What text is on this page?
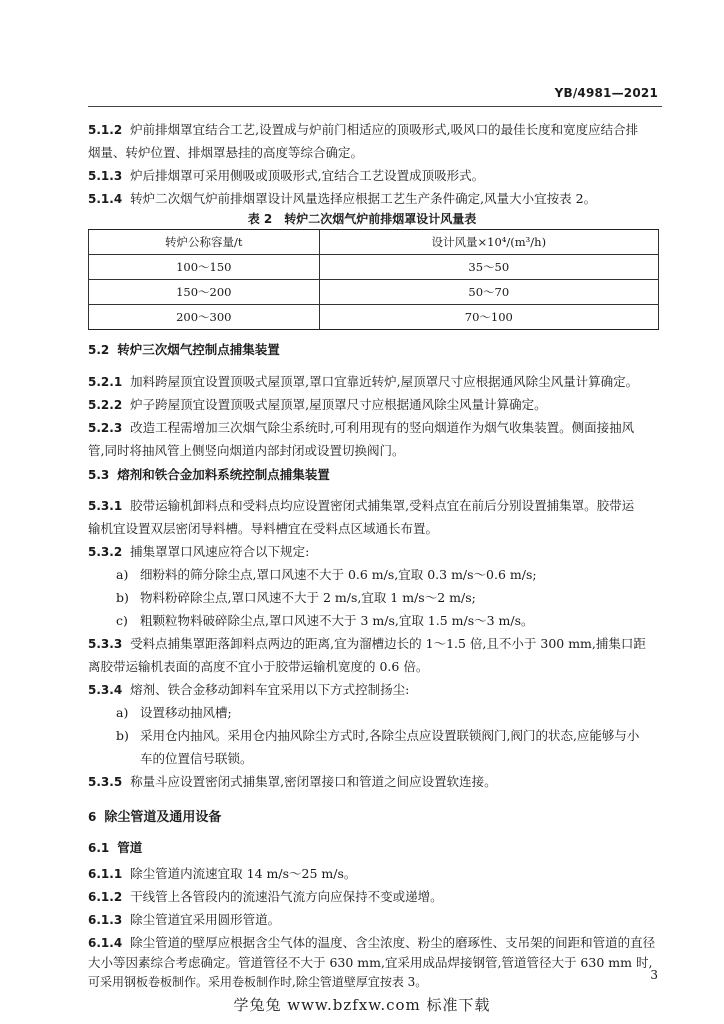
YB/4981—2021
5.1.2 炉前排烟罩宜结合工艺,设置成与炉前门相适应的顶吸形式,吸风口的最佳长度和宽度应结合排
烟量、转炉位置、排烟罩悬挂的高度等综合确定。
5.1.3 炉后排烟罩可采用侧吸或顶吸形式,宜结合工艺设置成顶吸形式。
5.1.4 转炉二次烟气炉前排烟罩设计风量选择应根据工艺生产条件确定,风量大小宜按表 2。
表 2　转炉二次烟气炉前排烟罩设计风量表
转炉公称容量/t	设计风量×10⁴/(m³/h)
100～150	35～50
150～200	50～70
200～300	70～100
5.2 转炉三次烟气控制点捕集装置
5.2.1 加料跨屋顶宜设置顶吸式屋顶罩,罩口宜靠近转炉,屋顶罩尺寸应根据通风除尘风量计算确定。
5.2.2 炉子跨屋顶宜设置顶吸式屋顶罩,屋顶罩尺寸应根据通风除尘风量计算确定。
5.2.3 改造工程需增加三次烟气除尘系统时,可利用现有的竖向烟道作为烟气收集装置。侧面接抽风
管,同时将抽风管上侧竖向烟道内部封闭或设置切换阀门。
5.3 熔剂和铁合金加料系统控制点捕集装置
5.3.1 胶带运输机卸料点和受料点均应设置密闭式捕集罩,受料点宜在前后分别设置捕集罩。胶带运
输机宜设置双层密闭导料槽。导料槽宜在受料点区域通长布置。
5.3.2 捕集罩罩口风速应符合以下规定:
a) 细粉料的筛分除尘点,罩口风速不大于 0.6 m/s,宜取 0.3 m/s～0.6 m/s;
b) 物料粉碎除尘点,罩口风速不大于 2 m/s,宜取 1 m/s～2 m/s;
c) 粗颗粒物料破碎除尘点,罩口风速不大于 3 m/s,宜取 1.5 m/s～3 m/s。
5.3.3 受料点捕集罩距落卸料点两边的距离,宜为溜槽边长的 1～1.5 倍,且不小于 300 mm,捕集口距
离胶带运输机表面的高度不宜小于胶带运输机宽度的 0.6 倍。
5.3.4 熔剂、铁合金移动卸料车宜采用以下方式控制扬尘:
a) 设置移动抽风槽;
b) 采用仓内抽风。采用仓内抽风除尘方式时,各除尘点应设置联锁阀门,阀门的状态,应能够与小
车的位置信号联锁。
5.3.5 称量斗应设置密闭式捕集罩,密闭罩接口和管道之间应设置软连接。
6 除尘管道及通用设备
6.1 管道
6.1.1 除尘管道内流速宜取 14 m/s～25 m/s。
6.1.2 干线管上各管段内的流速沿气流方向应保持不变或递增。
6.1.3 除尘管道宜采用圆形管道。
6.1.4 除尘管道的壁厚应根据含尘气体的温度、含尘浓度、粉尘的磨琢性、支吊架的间距和管道的直径
大小等因素综合考虑确定。管道管径不大于 630 mm,宜采用成品焊接钢管,管道管径大于 630 mm 时,
可采用钢板卷板制作。采用卷板制作时,除尘管道壁厚宜按表 3。	3
学兔兔 www.bzfxw.com 标准下载
